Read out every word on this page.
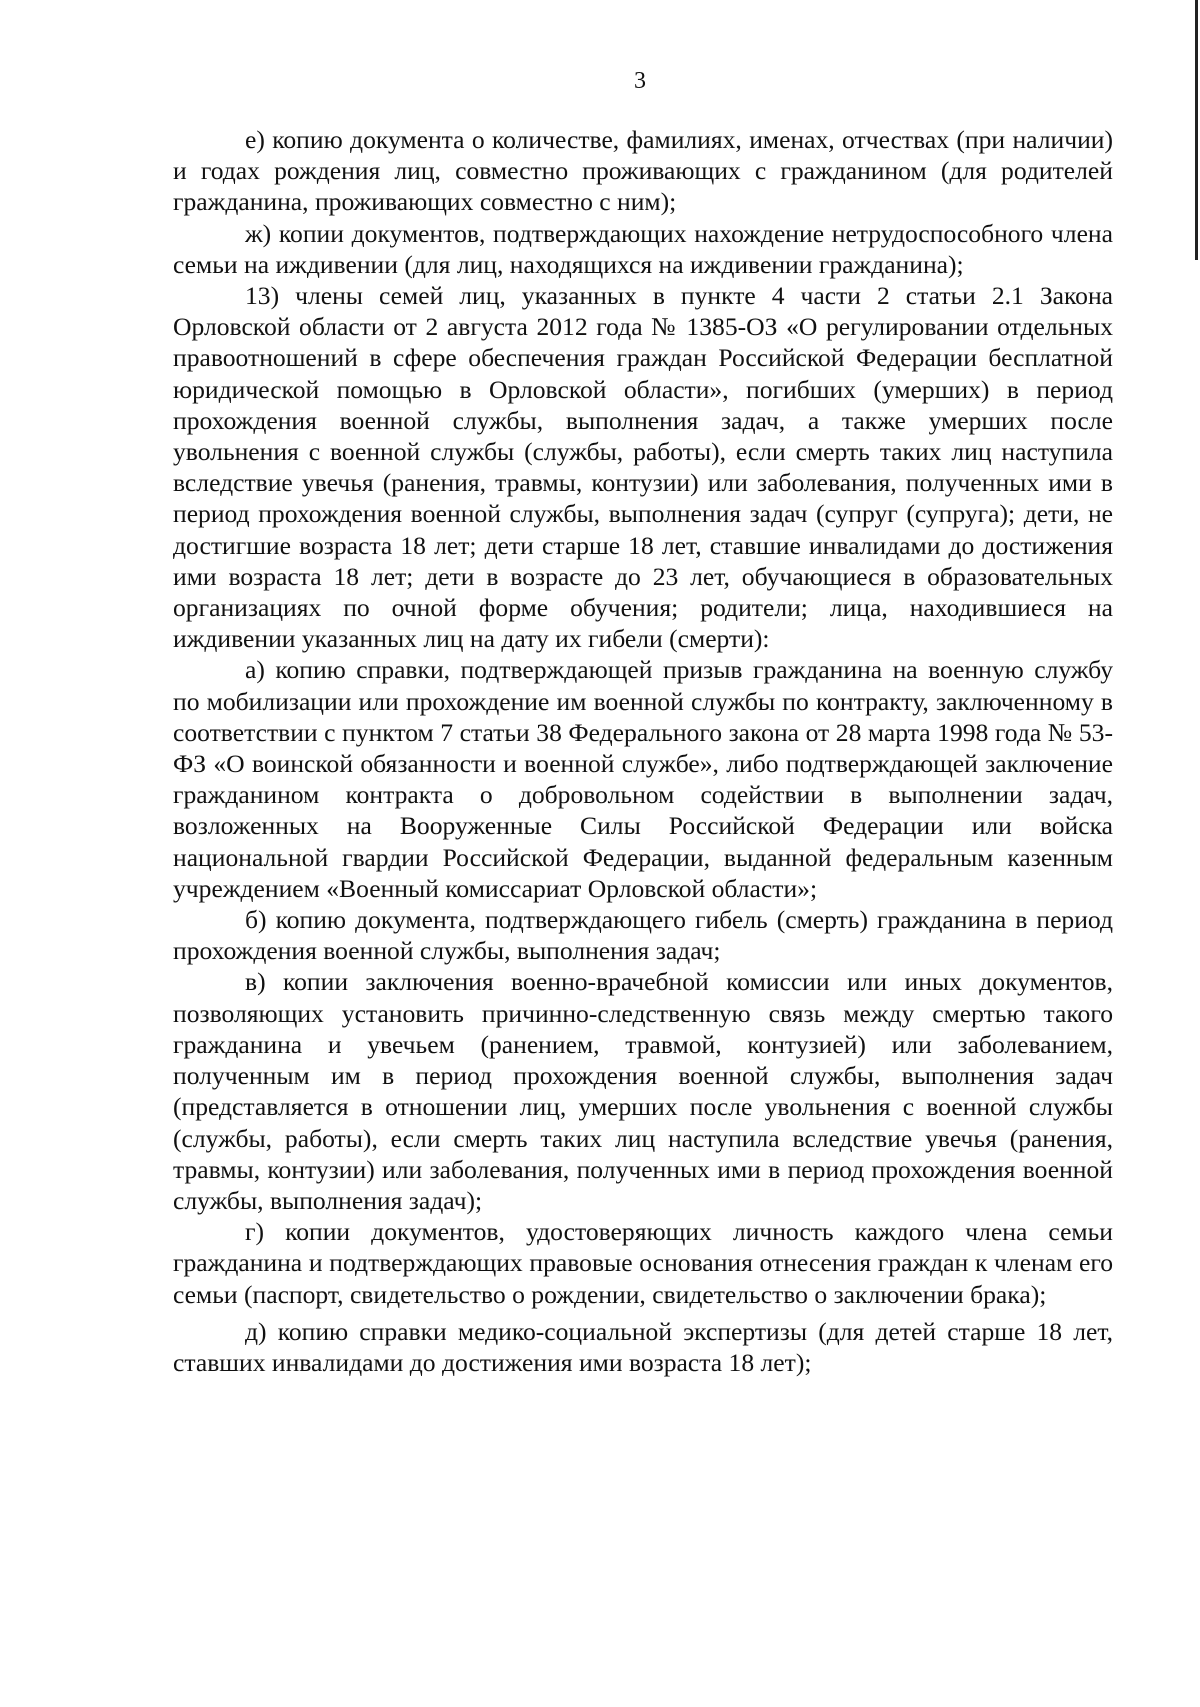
3

е) копию документа о количестве, фамилиях, именах, отчествах (при наличии) и годах рождения лиц, совместно проживающих с гражданином (для родителей гражданина, проживающих совместно с ним);

ж) копии документов, подтверждающих нахождение нетрудоспособного члена семьи на иждивении (для лиц, находящихся на иждивении гражданина);

13) члены семей лиц, указанных в пункте 4 части 2 статьи 2.1 Закона Орловской области от 2 августа 2012 года № 1385-ОЗ «О регулировании отдельных правоотношений в сфере обеспечения граждан Российской Федерации бесплатной юридической помощью в Орловской области», погибших (умерших) в период прохождения военной службы, выполнения задач, а также умерших после увольнения с военной службы (службы, работы), если смерть таких лиц наступила вследствие увечья (ранения, травмы, контузии) или заболевания, полученных ими в период прохождения военной службы, выполнения задач (супруг (супруга); дети, не достигшие возраста 18 лет; дети старше 18 лет, ставшие инвалидами до достижения ими возраста 18 лет; дети в возрасте до 23 лет, обучающиеся в образовательных организациях по очной форме обучения; родители; лица, находившиеся на иждивении указанных лиц на дату их гибели (смерти):

а) копию справки, подтверждающей призыв гражданина на военную службу по мобилизации или прохождение им военной службы по контракту, заключенному в соответствии с пунктом 7 статьи 38 Федерального закона от 28 марта 1998 года № 53-ФЗ «О воинской обязанности и военной службе», либо подтверждающей заключение гражданином контракта о добровольном содействии в выполнении задач, возложенных на Вооруженные Силы Российской Федерации или войска национальной гвардии Российской Федерации, выданной федеральным казенным учреждением «Военный комиссариат Орловской области»;

б) копию документа, подтверждающего гибель (смерть) гражданина в период прохождения военной службы, выполнения задач;

в) копии заключения военно-врачебной комиссии или иных документов, позволяющих установить причинно-следственную связь между смертью такого гражданина и увечьем (ранением, травмой, контузией) или заболеванием, полученным им в период прохождения военной службы, выполнения задач (представляется в отношении лиц, умерших после увольнения с военной службы (службы, работы), если смерть таких лиц наступила вследствие увечья (ранения, травмы, контузии) или заболевания, полученных ими в период прохождения военной службы, выполнения задач);

г) копии документов, удостоверяющих личность каждого члена семьи гражданина и подтверждающих правовые основания отнесения граждан к членам его семьи (паспорт, свидетельство о рождении, свидетельство о заключении брака);

д) копию справки медико-социальной экспертизы (для детей старше 18 лет, ставших инвалидами до достижения ими возраста 18 лет);
